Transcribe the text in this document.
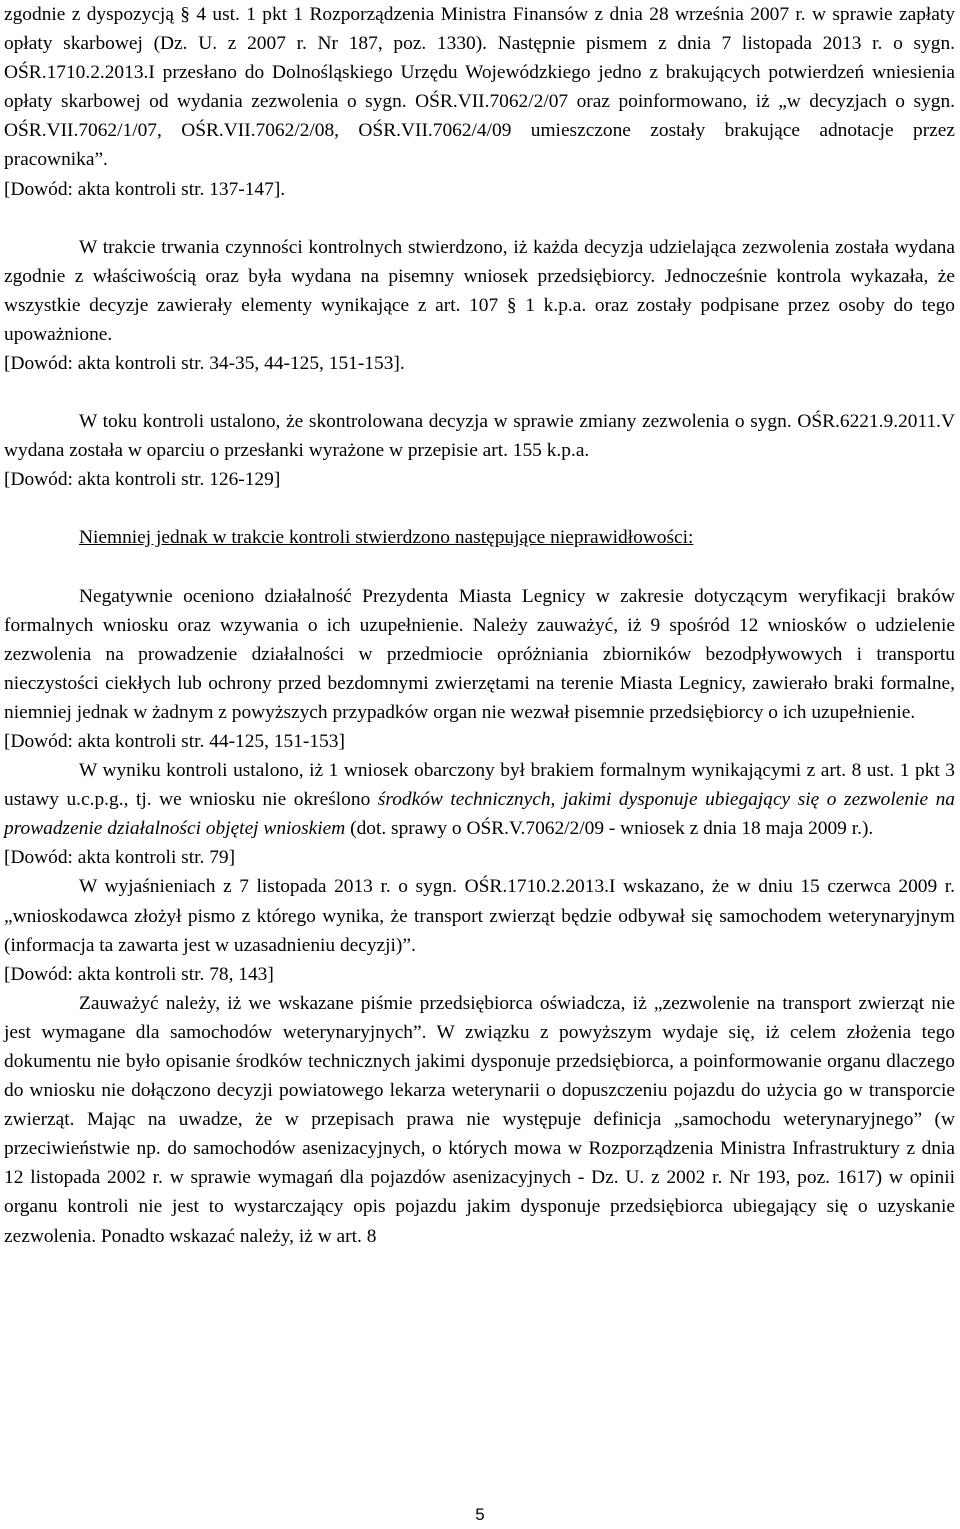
zgodnie z dyspozycją § 4 ust. 1 pkt 1 Rozporządzenia Ministra Finansów z dnia 28 września 2007 r. w sprawie zapłaty opłaty skarbowej (Dz. U. z 2007 r. Nr 187, poz. 1330). Następnie pismem z dnia 7 listopada 2013 r. o sygn. OŚR.1710.2.2013.I przesłano do Dolnośląskiego Urzędu Wojewódzkiego jedno z brakujących potwierdzeń wniesienia opłaty skarbowej od wydania zezwolenia o sygn. OŚR.VII.7062/2/07 oraz poinformowano, iż „w decyzjach o sygn. OŚR.VII.7062/1/07, OŚR.VII.7062/2/08, OŚR.VII.7062/4/09 umieszczone zostały brakujące adnotacje przez pracownika”.

[Dowód: akta kontroli str. 137-147].

W trakcie trwania czynności kontrolnych stwierdzono, iż każda decyzja udzielająca zezwolenia została wydana zgodnie z właściwością oraz była wydana na pisemny wniosek przedsiębiorcy. Jednocześnie kontrola wykazała, że wszystkie decyzje zawierały elementy wynikające z art. 107 § 1 k.p.a. oraz zostały podpisane przez osoby do tego upoważnione.

[Dowód: akta kontroli str. 34-35, 44-125, 151-153].

W toku kontroli ustalono, że skontrolowana decyzja w sprawie zmiany zezwolenia o sygn. OŚR.6221.9.2011.V wydana została w oparciu o przesłanki wyrażone w przepisie art. 155 k.p.a.

[Dowód: akta kontroli str. 126-129]

Niemniej jednak w trakcie kontroli stwierdzono następujące nieprawidłowości:

Negatywnie oceniono działalność Prezydenta Miasta Legnicy w zakresie dotyczącym weryfikacji braków formalnych wniosku oraz wzywania o ich uzupełnienie. Należy zauważyć, iż 9 spośród 12 wniosków o udzielenie zezwolenia na prowadzenie działalności w przedmiocie opróżniania zbiorników bezodpływowych i transportu nieczystości ciekłych lub ochrony przed bezdomnymi zwierzętami na terenie Miasta Legnicy, zawierało braki formalne, niemniej jednak w żadnym z powyższych przypadków organ nie wezwał pisemnie przedsiębiorcy o ich uzupełnienie.

[Dowód: akta kontroli str. 44-125, 151-153]

W wyniku kontroli ustalono, iż 1 wniosek obarczony był brakiem formalnym wynikającymi z art. 8 ust. 1 pkt 3 ustawy u.c.p.g., tj. we wniosku nie określono środków technicznych, jakimi dysponuje ubiegający się o zezwolenie na prowadzenie działalności objętej wnioskiem (dot. sprawy o OŚR.V.7062/2/09 - wniosek z dnia 18 maja 2009 r.).

[Dowód: akta kontroli str. 79]

W wyjaśnieniach z 7 listopada 2013 r. o sygn. OŚR.1710.2.2013.I wskazano, że w dniu 15 czerwca 2009 r. „wnioskodawca złożył pismo z którego wynika, że transport zwierząt będzie odbywał się samochodem weterynaryjnym (informacja ta zawarta jest w uzasadnieniu decyzji)”.

[Dowód: akta kontroli str. 78, 143]

Zauważyć należy, iż we wskazane piśmie przedsiębiorca oświadcza, iż „zezwolenie na transport zwierząt nie jest wymagane dla samochodów weterynaryjnych”. W związku z powyższym wydaje się, iż celem złożenia tego dokumentu nie było opisanie środków technicznych jakimi dysponuje przedsiębiorca, a poinformowanie organu dlaczego do wniosku nie dołączono decyzji powiatowego lekarza weterynarii o dopuszczeniu pojazdu do użycia go w transporcie zwierząt. Mając na uwadze, że w przepisach prawa nie występuje definicja „samochodu weterynaryjnego” (w przeciwieństwie np. do samochodów asenizacyjnych, o których mowa w Rozporządzenia Ministra Infrastruktury z dnia 12 listopada 2002 r. w sprawie wymagań dla pojazdów asenizacyjnych - Dz. U. z 2002 r. Nr 193, poz. 1617) w opinii organu kontroli nie jest to wystarczający opis pojazdu jakim dysponuje przedsiębiorca ubiegający się o uzyskanie zezwolenia. Ponadto wskazać należy, iż w art. 8

5
